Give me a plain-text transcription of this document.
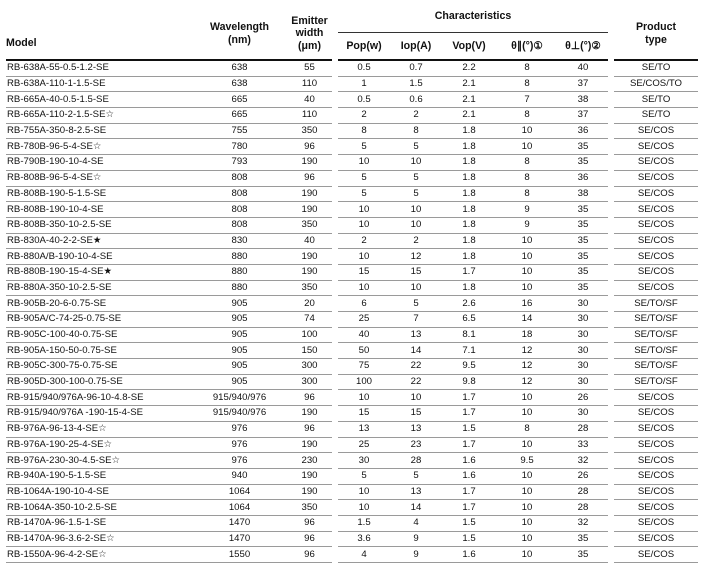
Model	Wavelength
(nm)	Emitter
width
(μm)		Characteristics						Product
type
				Pop(w)	Iop(A)	Vop(V)	θ∥(°)①	θ⊥(°)②		
RB-638A-55-0.5-1.2-SE	638	55		0.5	0.7	2.2	8	40		SE/TO
RB-638A-110-1-1.5-SE	638	110		1	1.5	2.1	8	37		SE/COS/TO
RB-665A-40-0.5-1.5-SE	665	40		0.5	0.6	2.1	7	38		SE/TO
RB-665A-110-2-1.5-SE☆	665	110		2	2	2.1	8	37		SE/TO
RB-755A-350-8-2.5-SE	755	350		8	8	1.8	10	36		SE/COS
RB-780B-96-5-4-SE☆	780	96		5	5	1.8	10	35		SE/COS
RB-790B-190-10-4-SE	793	190		10	10	1.8	8	35		SE/COS
RB-808B-96-5-4-SE☆	808	96		5	5	1.8	8	36		SE/COS
RB-808B-190-5-1.5-SE	808	190		5	5	1.8	8	38		SE/COS
RB-808B-190-10-4-SE	808	190		10	10	1.8	9	35		SE/COS
RB-808B-350-10-2.5-SE	808	350		10	10	1.8	9	35		SE/COS
RB-830A-40-2-2-SE★	830	40		2	2	1.8	10	35		SE/COS
RB-880A/B-190-10-4-SE	880	190		10	12	1.8	10	35		SE/COS
RB-880B-190-15-4-SE★	880	190		15	15	1.7	10	35		SE/COS
RB-880A-350-10-2.5-SE	880	350		10	10	1.8	10	35		SE/COS
RB-905B-20-6-0.75-SE	905	20		6	5	2.6	16	30		SE/TO/SF
RB-905A/C-74-25-0.75-SE	905	74		25	7	6.5	14	30		SE/TO/SF
RB-905C-100-40-0.75-SE	905	100		40	13	8.1	18	30		SE/TO/SF
RB-905A-150-50-0.75-SE	905	150		50	14	7.1	12	30		SE/TO/SF
RB-905C-300-75-0.75-SE	905	300		75	22	9.5	12	30		SE/TO/SF
RB-905D-300-100-0.75-SE	905	300		100	22	9.8	12	30		SE/TO/SF
RB-915/940/976A-96-10-4.8-SE	915/940/976	96		10	10	1.7	10	26		SE/COS
RB-915/940/976A -190-15-4-SE	915/940/976	190		15	15	1.7	10	30		SE/COS
RB-976A-96-13-4-SE☆	976	96		13	13	1.5	8	28		SE/COS
RB-976A-190-25-4-SE☆	976	190		25	23	1.7	10	33		SE/COS
RB-976A-230-30-4.5-SE☆	976	230		30	28	1.6	9.5	32		SE/COS
RB-940A-190-5-1.5-SE	940	190		5	5	1.6	10	26		SE/COS
RB-1064A-190-10-4-SE	1064	190		10	13	1.7	10	28		SE/COS
RB-1064A-350-10-2.5-SE	1064	350		10	14	1.7	10	28		SE/COS
RB-1470A-96-1.5-1-SE	1470	96		1.5	4	1.5	10	32		SE/COS
RB-1470A-96-3.6-2-SE☆	1470	96		3.6	9	1.5	10	35		SE/COS
RB-1550A-96-4-2-SE☆	1550	96		4	9	1.6	10	35		SE/COS
